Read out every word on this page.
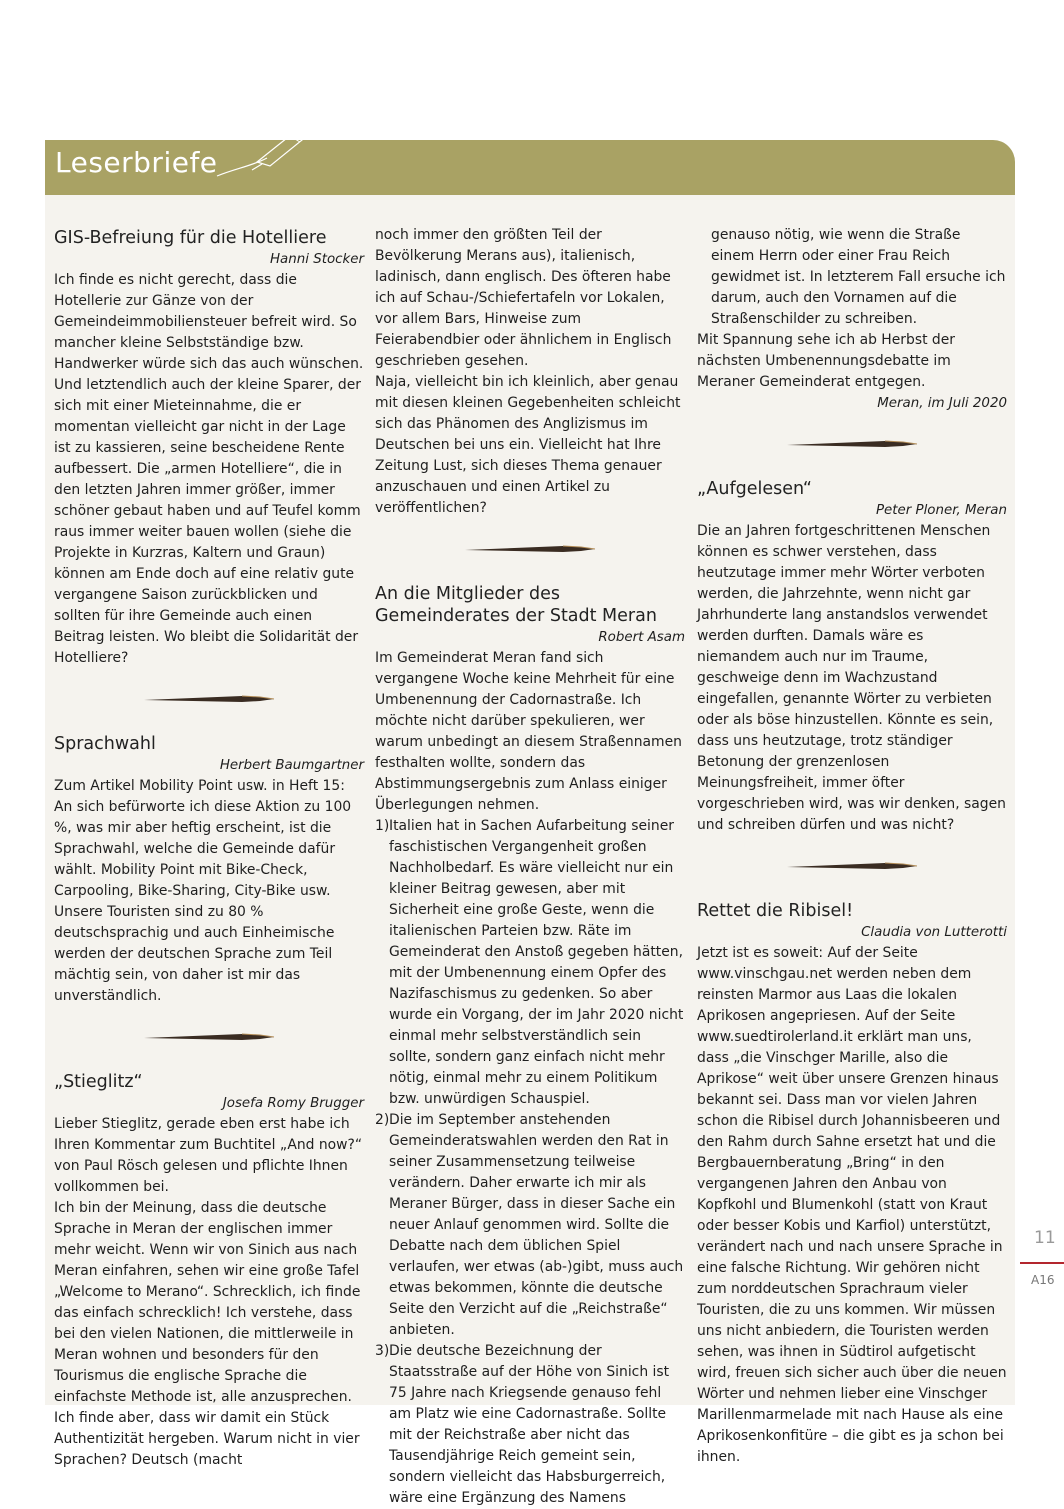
Leserbriefe
GIS-Befreiung für die Hotelliere
Hanni Stocker

Ich finde es nicht gerecht, dass die Hotellerie zur Gänze von der Gemeindeimmobiliensteuer befreit wird. So mancher kleine Selbstständige bzw. Handwerker würde sich das auch wünschen. Und letztendlich auch der kleine Sparer, der sich mit einer Mieteinnahme, die er momentan vielleicht gar nicht in der Lage ist zu kassieren, seine bescheidene Rente aufbessert. Die „armen Hotelliere“, die in den letzten Jahren immer größer, immer schöner gebaut haben und auf Teufel komm raus immer weiter bauen wollen (siehe die Projekte in Kurzras, Kaltern und Graun) können am Ende doch auf eine relativ gute vergangene Saison zurückblicken und sollten für ihre Gemeinde auch einen Beitrag leisten. Wo bleibt die Solidarität der Hotelliere?

Sprachwahl
Herbert Baumgartner

Zum Artikel Mobility Point usw. in Heft 15: An sich befürworte ich diese Aktion zu 100 %, was mir aber heftig erscheint, ist die Sprachwahl, welche die Gemeinde dafür wählt. Mobility Point mit Bike-Check, Carpooling, Bike-Sharing, City-Bike usw. Unsere Touristen sind zu 80 % deutschsprachig und auch Einheimische werden der deutschen Sprache zum Teil mächtig sein, von daher ist mir das unverständlich.

„Stieglitz“
Josefa Romy Brugger

Lieber Stieglitz, gerade eben erst habe ich Ihren Kommentar zum Buchtitel „And now?“ von Paul Rösch gelesen und pflichte Ihnen vollkommen bei.

Ich bin der Meinung, dass die deutsche Sprache in Meran der englischen immer mehr weicht. Wenn wir von Sinich aus nach Meran einfahren, sehen wir eine große Tafel „Welcome to Merano“. Schrecklich, ich finde das einfach schrecklich! Ich verstehe, dass bei den vielen Nationen, die mittlerweile in Meran wohnen und besonders für den Tourismus die englische Sprache die einfachste Methode ist, alle anzusprechen. Ich finde aber, dass wir damit ein Stück Authentizität hergeben. Warum nicht in vier Sprachen? Deutsch (macht

noch immer den größten Teil der Bevölkerung Merans aus), italienisch, ladinisch, dann englisch. Des öfteren habe ich auf Schau-/Schiefertafeln vor Lokalen, vor allem Bars, Hinweise zum Feierabendbier oder ähnlichem in Englisch geschrieben gesehen.

Naja, vielleicht bin ich kleinlich, aber genau mit diesen kleinen Gegebenheiten schleicht sich das Phänomen des Anglizismus im Deutschen bei uns ein. Vielleicht hat Ihre Zeitung Lust, sich dieses Thema genauer anzuschauen und einen Artikel zu veröffentlichen?

An die Mitglieder des Gemeinderates der Stadt Meran
Robert Asam

Im Gemeinderat Meran fand sich vergangene Woche keine Mehrheit für eine Umbenennung der Cadornastraße. Ich möchte nicht darüber spekulieren, wer warum unbedingt an diesem Straßennamen festhalten wollte, sondern das Abstimmungsergebnis zum Anlass einiger Überlegungen nehmen.

1) Italien hat in Sachen Aufarbeitung seiner faschistischen Vergangenheit großen Nachholbedarf. Es wäre vielleicht nur ein kleiner Beitrag gewesen, aber mit Sicherheit eine große Geste, wenn die italienischen Parteien bzw. Räte im Gemeinderat den Anstoß gegeben hätten, mit der Umbenennung einem Opfer des Nazifaschismus zu gedenken. So aber wurde ein Vorgang, der im Jahr 2020 nicht einmal mehr selbstverständlich sein sollte, sondern ganz einfach nicht mehr nötig, einmal mehr zu einem Politikum bzw. unwürdigen Schauspiel.
2) Die im September anstehenden Gemeinderatswahlen werden den Rat in seiner Zusammensetzung teilweise verändern. Daher erwarte ich mir als Meraner Bürger, dass in dieser Sache ein neuer Anlauf genommen wird. Sollte die Debatte nach dem üblichen Spiel verlaufen, wer etwas (ab-)gibt, muss auch etwas bekommen, könnte die deutsche Seite den Verzicht auf die „Reichstraße“ anbieten.
3) Die deutsche Bezeichnung der Staatsstraße auf der Höhe von Sinich ist 75 Jahre nach Kriegsende genauso fehl am Platz wie eine Cadornastraße. Sollte mit der Reichstraße aber nicht das Tausendjährige Reich gemeint sein, sondern vielleicht das Habsburgerreich, wäre eine Ergänzung des Namens

genauso nötig, wie wenn die Straße einem Herrn oder einer Frau Reich gewidmet ist. In letzterem Fall ersuche ich darum, auch den Vornamen auf die Straßenschilder zu schreiben.

Mit Spannung sehe ich ab Herbst der nächsten Umbenennungsdebatte im Meraner Gemeinderat entgegen.

Meran, im Juli 2020
„Aufgelesen“
Peter Ploner, Meran

Die an Jahren fortgeschrittenen Menschen können es schwer verstehen, dass heutzutage immer mehr Wörter verboten werden, die Jahrzehnte, wenn nicht gar Jahrhunderte lang anstandslos verwendet werden durften. Damals wäre es niemandem auch nur im Traume, geschweige denn im Wachzustand eingefallen, genannte Wörter zu verbieten oder als böse hinzustellen. Könnte es sein, dass uns heutzutage, trotz ständiger Betonung der grenzenlosen Meinungsfreiheit, immer öfter vorgeschrieben wird, was wir denken, sagen und schreiben dürfen und was nicht?

Rettet die Ribisel!
Claudia von Lutterotti

Jetzt ist es soweit: Auf der Seite www.vinschgau.net werden neben dem reinsten Marmor aus Laas die lokalen Aprikosen angepriesen. Auf der Seite www.suedtirolerland.it erklärt man uns, dass „die Vinschger Marille, also die Aprikose“ weit über unsere Grenzen hinaus bekannt sei. Dass man vor vielen Jahren schon die Ribisel durch Johannisbeeren und den Rahm durch Sahne ersetzt hat und die Bergbauernberatung „Bring“ in den vergangenen Jahren den Anbau von Kopfkohl und Blumenkohl (statt von Kraut oder besser Kobis und Karfiol) unterstützt, verändert nach und nach unsere Sprache in eine falsche Richtung. Wir gehören nicht zum norddeutschen Sprachraum vieler Touristen, die zu uns kommen. Wir müssen uns nicht anbiedern, die Touristen werden sehen, was ihnen in Südtirol aufgetischt wird, freuen sich sicher auch über die neuen Wörter und nehmen lieber eine Vinschger Marillenmarmelade mit nach Hause als eine Aprikosenkonfitüre – die gibt es ja schon bei ihnen.

11
A16
